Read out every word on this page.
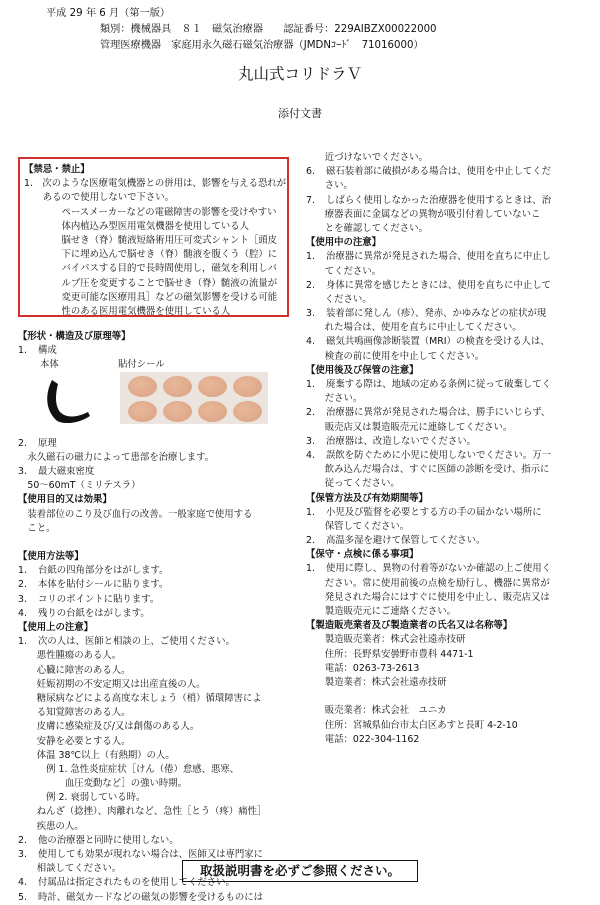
平成 29 年 6 月（第一版）
類別：機械器具　８１　磁気治療器　　認証番号：229AIBZX00022000
管理医療機器　家庭用永久磁石磁気治療器（JMDNｺｰﾄﾞ　71016000）
丸山式コリドラＶ
添付文書
【禁忌・禁止】
1.　次のような医療電気機器との併用は、影響を与える恐れが
　　あるので使用しないで下さい。
　　　　ペースメーカーなどの電磁障害の影響を受けやすい
　　　　体内植込み型医用電気機器を使用している人
　　　　脳せき（脊）髄液短絡術用圧可変式シャント［頭皮
　　　　下に埋め込んで脳せき（脊）髄液を腹くう（腔）に
　　　　バイパスする目的で長時間使用し，磁気を利用しバ
　　　　ルブ圧を変更することで脳せき（脊）髄液の流量が
　　　　変更可能な医療用具］などの磁気影響を受ける可能
　　　　性のある医用電気機器を使用している人
【形状・構造及び原理等】
1. 構成
本体	貼付シール
2. 原理
　永久磁石の磁力によって患部を治療します。
3. 最大磁束密度
　50〜60mT（ミリテスラ）
【使用目的又は効果】
　装着部位のこり及び血行の改善。一般家庭で使用する
　こと。
【使用方法等】
1. 台紙の四角部分をはがします。
2. 本体を貼付シールに貼ります。
3. コリのポイントに貼ります。
4. 残りの台紙をはがします。
【使用上の注意】
1. 次の人は、医師と相談の上、ご使用ください。
　　悪性腫瘍のある人。
　　心臓に障害のある人。
　　妊娠初期の不安定期又は出産直後の人。
　　糖尿病などによる高度な末しょう（梢）循環障害によ
　　る知覚障害のある人。
　　皮膚に感染症及び/又は創傷のある人。
　　安静を必要とする人。
　　体温 38℃以上（有熱期）の人。
　　　例 1. 急性炎症症状［けん（倦）怠感、悪寒、
　　　　　血圧変動など］の強い時期。
　　　例 2. 衰弱している時。
　　ねんざ（捻挫）、肉離れなど、急性［とう（疼）痛性］
　　疾患の人。
2. 他の治療器と同時に使用しない。
3. 使用しても効果が現れない場合は、医師又は専門家に
　　相談してください。
4. 付属品は指定されたものを使用してください。
5. 時計、磁気カードなどの磁気の影響を受けるものには
　　近づけないでください。
6. 磁石装着部に破損がある場合は、使用を中止してくだ
　　さい。
7. しばらく使用しなかった治療器を使用するときは、治
　　療器表面に金属などの異物が吸引付着していないこ
　　とを確認してください。
【使用中の注意】
1. 治療器に異常が発見された場合、使用を直ちに中止し
　　てください。
2. 身体に異常を感じたときには、使用を直ちに中止して
　　ください。
3. 装着部に発しん（疹）、発赤、かゆみなどの症状が現
　　れた場合は、使用を直ちに中止してください。
4. 磁気共鳴画像診断装置（MRI）の検査を受ける人は、
　　検査の前に使用を中止してください。
【使用後及び保管の注意】
1. 廃棄する際は、地域の定める条例に従って破棄してく
　　ださい。
2. 治療器に異常が発見された場合は、勝手にいじらず、
　　販売店又は製造販売元に連絡してください。
3. 治療器は、改造しないでください。
4. 誤飲を防ぐために小児に使用しないでください。万一
　　飲み込んだ場合は、すぐに医師の診断を受け、指示に
　　従ってください。
【保管方法及び有効期間等】
1. 小児及び監督を必要とする方の手の届かない場所に
　　保管してください。
2. 高温多湿を避けて保管してください。
【保守・点検に係る事項】
1. 使用に際し、異物の付着等がないか確認の上ご使用く
　　ださい。常に使用前後の点検を励行し、機器に異常が
　　発見された場合にはすぐに使用を中止し、販売店又は
　　製造販売元にご連絡ください。
【製造販売業者及び製造業者の氏名又は名称等】
　　製造販売業者：株式会社遠赤技研
　　住所：長野県安曇野市豊科 4471-1
　　電話：0263-73-2613
　　製造業者：株式会社遠赤技研
　　販売業者：株式会社　ユニカ
　　住所：宮城県仙台市太白区あすと長町 4-2-10
　　電話：022-304-1162
取扱説明書を必ずご参照ください。
